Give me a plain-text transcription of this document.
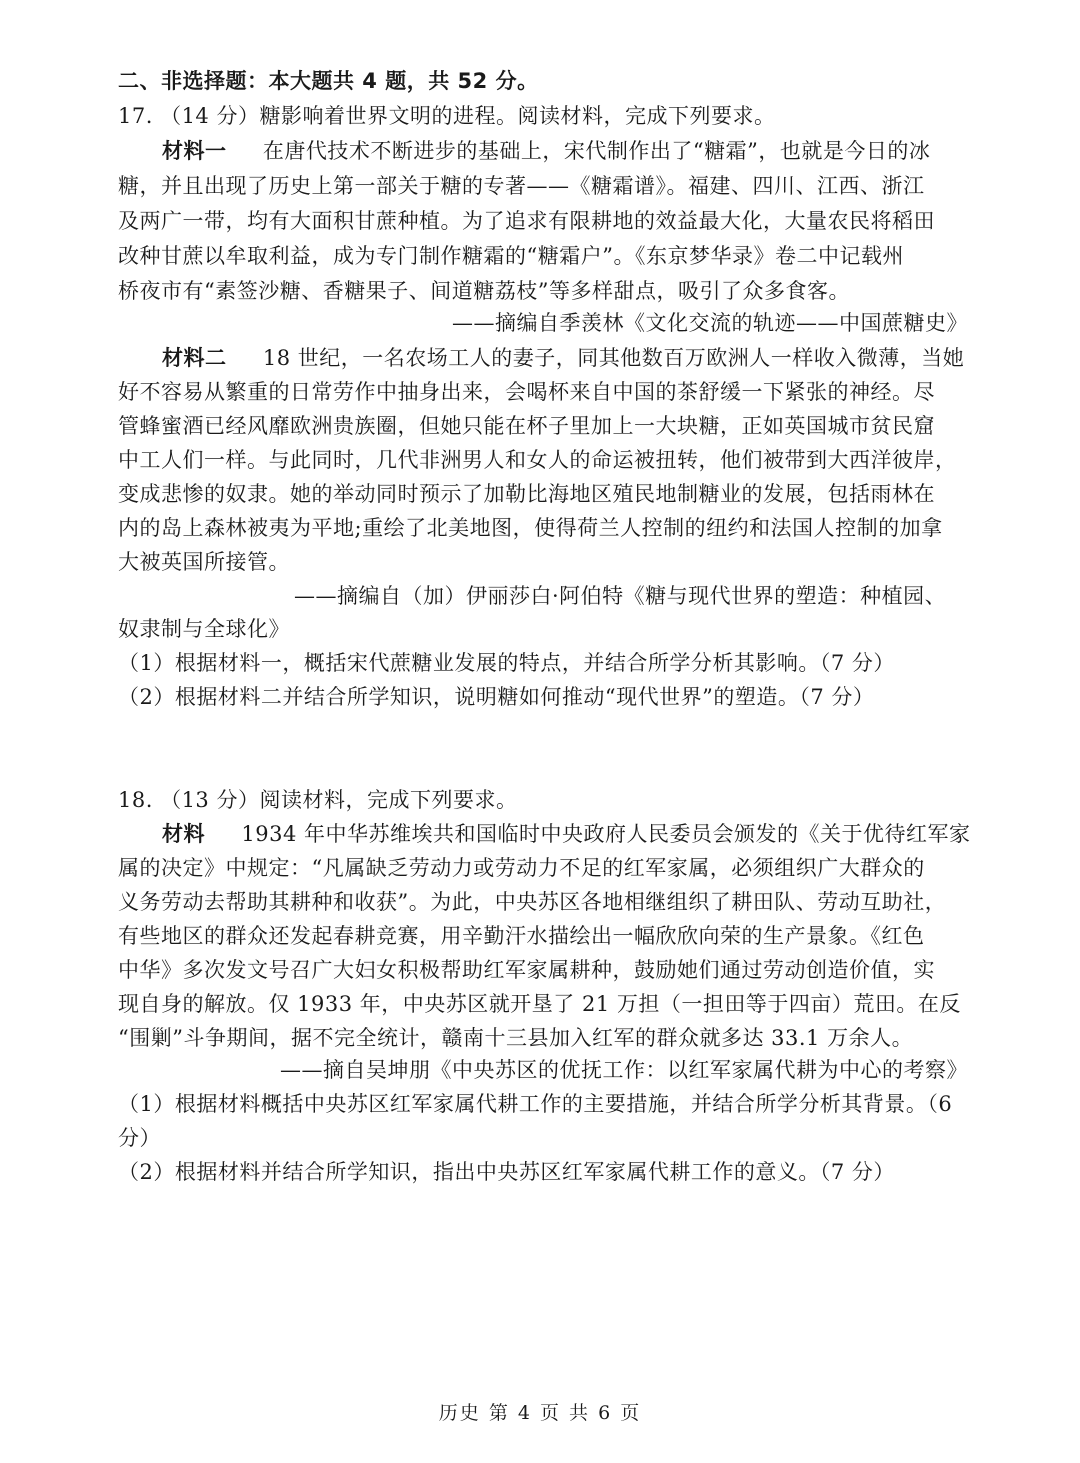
二、非选择题：本大题共 4 题，共 52 分。
17. （14 分）糖影响着世界文明的进程。阅读材料，完成下列要求。
材料一 在唐代技术不断进步的基础上，宋代制作出了“糖霜”，也就是今日的冰
糖，并且出现了历史上第一部关于糖的专著——《糖霜谱》。福建、四川、江西、浙江
及两广一带，均有大面积甘蔗种植。为了追求有限耕地的效益最大化，大量农民将稻田
改种甘蔗以牟取利益，成为专门制作糖霜的“糖霜户”。《东京梦华录》卷二中记载州
桥夜市有“素签沙糖、香糖果子、间道糖荔枝”等多样甜点，吸引了众多食客。
——摘编自季羡林《文化交流的轨迹——中国蔗糖史》
材料二 18 世纪，一名农场工人的妻子，同其他数百万欧洲人一样收入微薄，当她
好不容易从繁重的日常劳作中抽身出来，会喝杯来自中国的茶舒缓一下紧张的神经。尽
管蜂蜜酒已经风靡欧洲贵族圈，但她只能在杯子里加上一大块糖，正如英国城市贫民窟
中工人们一样。与此同时，几代非洲男人和女人的命运被扭转，他们被带到大西洋彼岸，
变成悲惨的奴隶。她的举动同时预示了加勒比海地区殖民地制糖业的发展，包括雨林在
内的岛上森林被夷为平地;重绘了北美地图，使得荷兰人控制的纽约和法国人控制的加拿
大被英国所接管。
——摘编自（加）伊丽莎白·阿伯特《糖与现代世界的塑造：种植园、
奴隶制与全球化》
（1）根据材料一，概括宋代蔗糖业发展的特点，并结合所学分析其影响。（7 分）
（2）根据材料二并结合所学知识，说明糖如何推动“现代世界”的塑造。（7 分）
18. （13 分）阅读材料，完成下列要求。
材料 1934 年中华苏维埃共和国临时中央政府人民委员会颁发的《关于优待红军家
属的决定》中规定：“凡属缺乏劳动力或劳动力不足的红军家属，必须组织广大群众的
义务劳动去帮助其耕种和收获”。为此，中央苏区各地相继组织了耕田队、劳动互助社，
有些地区的群众还发起春耕竞赛，用辛勤汗水描绘出一幅欣欣向荣的生产景象。《红色
中华》多次发文号召广大妇女积极帮助红军家属耕种，鼓励她们通过劳动创造价值，实
现自身的解放。仅 1933 年，中央苏区就开垦了 21 万担（一担田等于四亩）荒田。在反
“围剿”斗争期间，据不完全统计，赣南十三县加入红军的群众就多达 33.1 万余人。
——摘自吴坤朋《中央苏区的优抚工作：以红军家属代耕为中心的考察》
（1）根据材料概括中央苏区红军家属代耕工作的主要措施，并结合所学分析其背景。（6
分）
（2）根据材料并结合所学知识，指出中央苏区红军家属代耕工作的意义。（7 分）
历史 第 4 页 共 6 页
